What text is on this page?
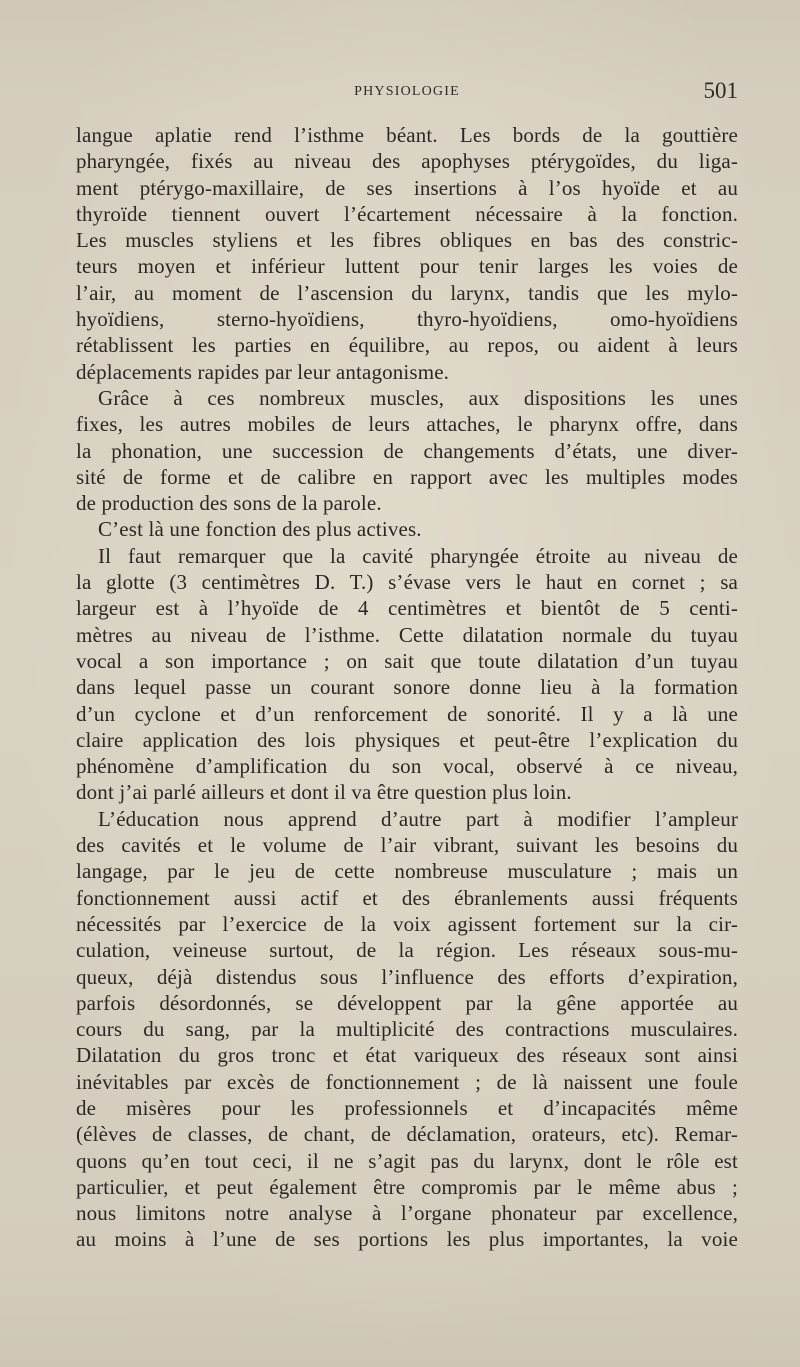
PHYSIOLOGIE	501
langue aplatie rend l’isthme béant. Les bords de la gouttière
pharyngée, fixés au niveau des apophyses ptérygoïdes, du liga-
ment ptérygo-maxillaire, de ses insertions à l’os hyoïde et au
thyroïde tiennent ouvert l’écartement nécessaire à la fonction.
Les muscles styliens et les fibres obliques en bas des constric-
teurs moyen et inférieur luttent pour tenir larges les voies de
l’air, au moment de l’ascension du larynx, tandis que les mylo-
hyoïdiens, sterno-hyoïdiens, thyro-hyoïdiens, omo-hyoïdiens
rétablissent les parties en équilibre, au repos, ou aident à leurs
déplacements rapides par leur antagonisme.
Grâce à ces nombreux muscles, aux dispositions les unes
fixes, les autres mobiles de leurs attaches, le pharynx offre, dans
la phonation, une succession de changements d’états, une diver-
sité de forme et de calibre en rapport avec les multiples modes
de production des sons de la parole.
C’est là une fonction des plus actives.
Il faut remarquer que la cavité pharyngée étroite au niveau de
la glotte (3 centimètres D. T.) s’évase vers le haut en cornet ; sa
largeur est à l’hyoïde de 4 centimètres et bientôt de 5 centi-
mètres au niveau de l’isthme. Cette dilatation normale du tuyau
vocal a son importance ; on sait que toute dilatation d’un tuyau
dans lequel passe un courant sonore donne lieu à la formation
d’un cyclone et d’un renforcement de sonorité. Il y a là une
claire application des lois physiques et peut-être l’explication du
phénomène d’amplification du son vocal, observé à ce niveau,
dont j’ai parlé ailleurs et dont il va être question plus loin.
L’éducation nous apprend d’autre part à modifier l’ampleur
des cavités et le volume de l’air vibrant, suivant les besoins du
langage, par le jeu de cette nombreuse musculature ; mais un
fonctionnement aussi actif et des ébranlements aussi fréquents
nécessités par l’exercice de la voix agissent fortement sur la cir-
culation, veineuse surtout, de la région. Les réseaux sous-mu-
queux, déjà distendus sous l’influence des efforts d’expiration,
parfois désordonnés, se développent par la gêne apportée au
cours du sang, par la multiplicité des contractions musculaires.
Dilatation du gros tronc et état variqueux des réseaux sont ainsi
inévitables par excès de fonctionnement ; de là naissent une foule
de misères pour les professionnels et d’incapacités même
(élèves de classes, de chant, de déclamation, orateurs, etc). Remar-
quons qu’en tout ceci, il ne s’agit pas du larynx, dont le rôle est
particulier, et peut également être compromis par le même abus ;
nous limitons notre analyse à l’organe phonateur par excellence,
au moins à l’une de ses portions les plus importantes, la voie
